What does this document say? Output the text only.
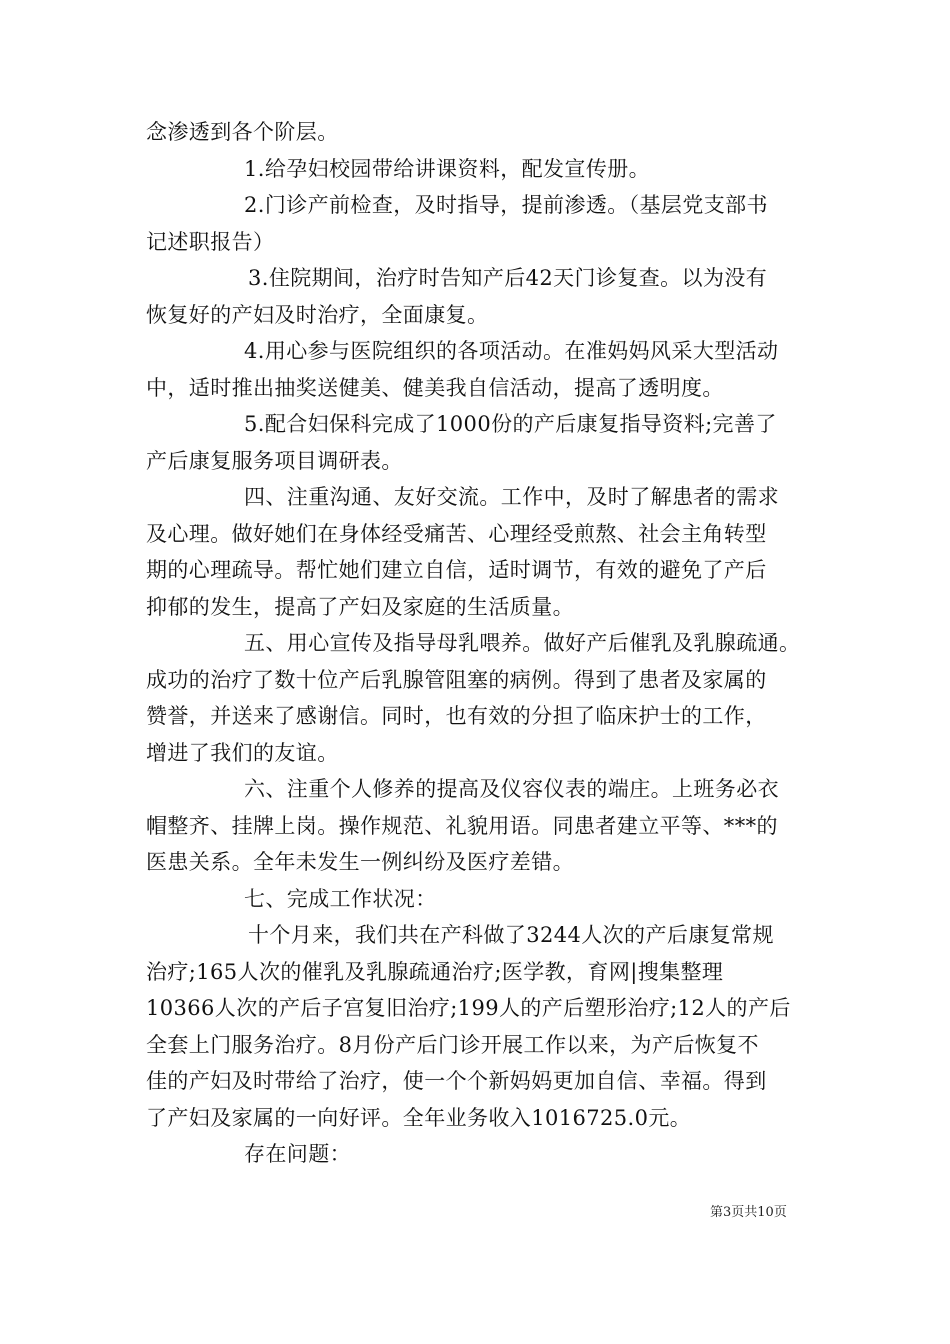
念渗透到各个阶层。
1.给孕妇校园带给讲课资料，配发宣传册。
2.门诊产前检查，及时指导，提前渗透。（基层党支部书
记述职报告）
3.住院期间，治疗时告知产后42天门诊复查。以为没有
恢复好的产妇及时治疗，全面康复。
4.用心参与医院组织的各项活动。在准妈妈风采大型活动
中，适时推出抽奖送健美、健美我自信活动，提高了透明度。
5.配合妇保科完成了1000份的产后康复指导资料;完善了
产后康复服务项目调研表。
四、注重沟通、友好交流。工作中，及时了解患者的需求
及心理。做好她们在身体经受痛苦、心理经受煎熬、社会主角转型
期的心理疏导。帮忙她们建立自信，适时调节，有效的避免了产后
抑郁的发生，提高了产妇及家庭的生活质量。
五、用心宣传及指导母乳喂养。做好产后催乳及乳腺疏通。
成功的治疗了数十位产后乳腺管阻塞的病例。得到了患者及家属的
赞誉，并送来了感谢信。同时，也有效的分担了临床护士的工作，
增进了我们的友谊。
六、注重个人修养的提高及仪容仪表的端庄。上班务必衣
帽整齐、挂牌上岗。操作规范、礼貌用语。同患者建立平等、***的
医患关系。全年未发生一例纠纷及医疗差错。
七、完成工作状况：
十个月来，我们共在产科做了3244人次的产后康复常规
治疗;165人次的催乳及乳腺疏通治疗;医学教，育网|搜集整理
10366人次的产后子宫复旧治疗;199人的产后塑形治疗;12人的产后
全套上门服务治疗。8月份产后门诊开展工作以来，为产后恢复不
佳的产妇及时带给了治疗，使一个个新妈妈更加自信、幸福。得到
了产妇及家属的一向好评。全年业务收入1016725.0元。
存在问题：
第3页共10页
